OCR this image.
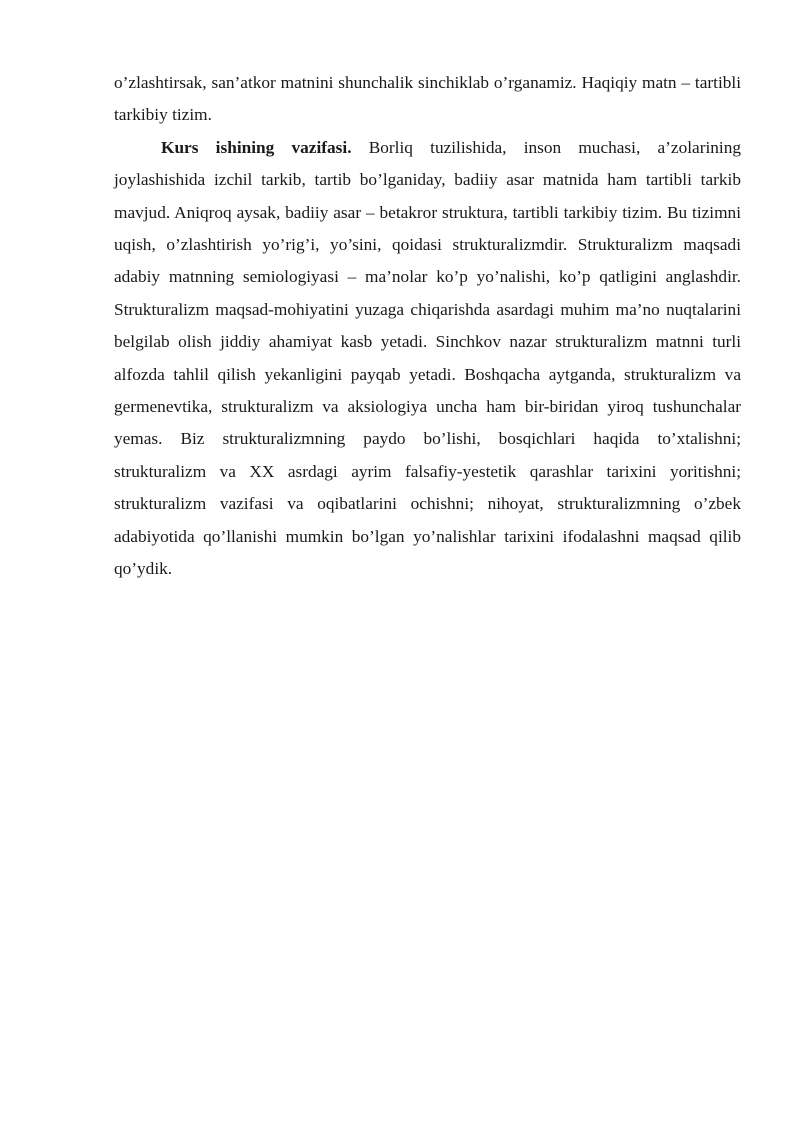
o’zlashtirsak, san’atkor matnini shunchalik sinchiklab o’rganamiz. Haqiqiy matn – tartibli tarkibiy tizim.

Kurs ishining vazifasi. Borliq tuzilishida, inson muchasi, a’zolarining joylashishida izchil tarkib, tartib bo’lganiday, badiiy asar matnida ham tartibli tarkib mavjud. Aniqroq aysak, badiiy asar – betakror struktura, tartibli tarkibiy tizim. Bu tizimni uqish, o’zlashtirish yo’rig’i, yo’sini, qoidasi strukturalizmdir. Strukturalizm maqsadi adabiy matnning semiologiyasi – ma’nolar ko’p yo’nalishi, ko’p qatligini anglashdir. Strukturalizm maqsad-mohiyatini yuzaga chiqarishda asardagi muhim ma’no nuqtalarini belgilab olish jiddiy ahamiyat kasb yetadi. Sinchkov nazar strukturalizm matnni turli alfozda tahlil qilish yekanligini payqab yetadi. Boshqacha aytganda, strukturalizm va germenevtika, strukturalizm va aksiologiya uncha ham bir-biridan yiroq tushunchalar yemas. Biz strukturalizmning paydo bo’lishi, bosqichlari haqida to’xtalishni; strukturalizm va XX asrdagi ayrim falsafiy-yestetik qarashlar tarixini yoritishni; strukturalizm vazifasi va oqibatlarini ochishni; nihoyat, strukturalizmning o’zbek adabiyotida qo’llanishi mumkin bo’lgan yo’nalishlar tarixini ifodalashni maqsad qilib qo’ydik.
